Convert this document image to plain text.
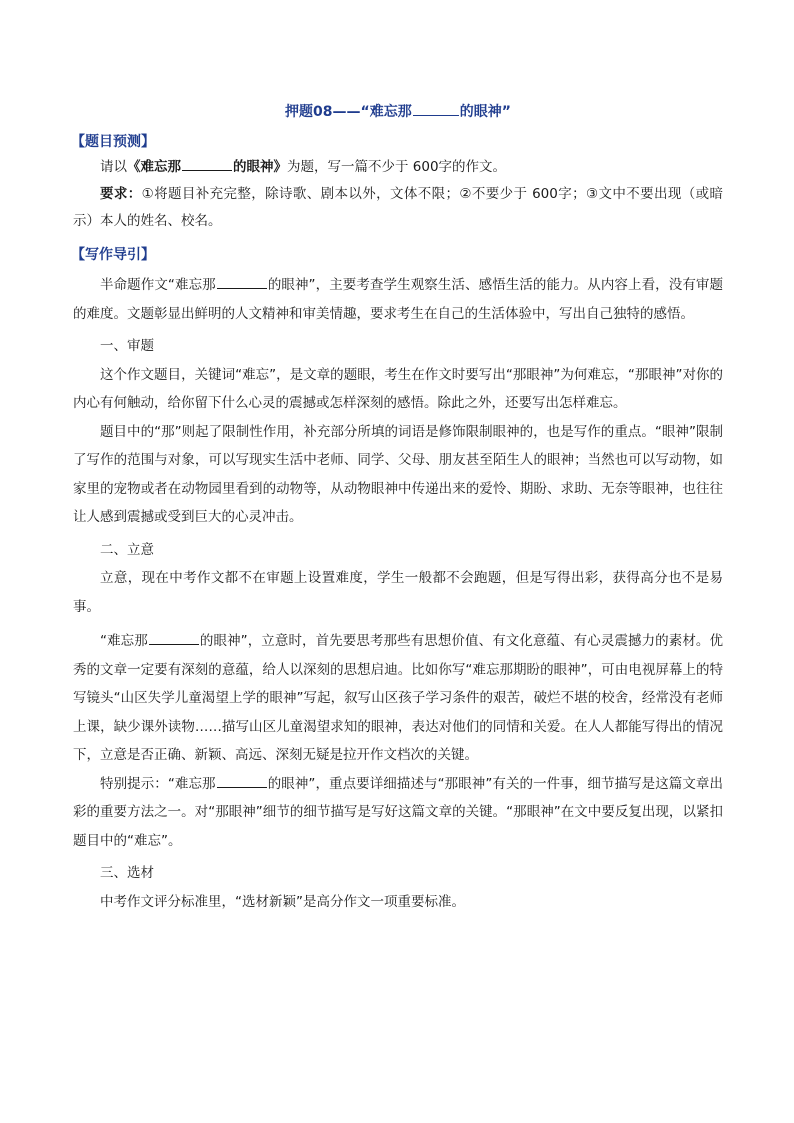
押题08——“难忘那	的眼神”
【题目预测】

请以《难忘那	的眼神》为题，写一篇不少于 600字的作文。

要求：①将题目补充完整，除诗歌、剧本以外，文体不限；②不要少于 600字；③文中不要出现（或暗示）本人的姓名、校名。

【写作导引】

半命题作文“难忘那	的眼神”，主要考查学生观察生活、感悟生活的能力。从内容上看，没有审题的难度。文题彰显出鲜明的人文精神和审美情趣，要求考生在自己的生活体验中，写出自己独特的感悟。

一、审题

这个作文题目，关键词“难忘”，是文章的题眼，考生在作文时要写出“那眼神”为何难忘，“那眼神”对你的内心有何触动，给你留下什么心灵的震撼或怎样深刻的感悟。除此之外，还要写出怎样难忘。

题目中的“那”则起了限制性作用，补充部分所填的词语是修饰限制眼神的，也是写作的重点。“眼神”限制了写作的范围与对象，可以写现实生活中老师、同学、父母、朋友甚至陌生人的眼神；当然也可以写动物，如家里的宠物或者在动物园里看到的动物等，从动物眼神中传递出来的爱怜、期盼、求助、无奈等眼神，也往往让人感到震撼或受到巨大的心灵冲击。

二、立意

立意，现在中考作文都不在审题上设置难度，学生一般都不会跑题，但是写得出彩，获得高分也不是易事。

“难忘那	的眼神”，立意时，首先要思考那些有思想价值、有文化意蕴、有心灵震撼力的素材。优秀的文章一定要有深刻的意蕴，给人以深刻的思想启迪。比如你写“难忘那期盼的眼神”，可由电视屏幕上的特写镜头“山区失学儿童渴望上学的眼神”写起，叙写山区孩子学习条件的艰苦，破烂不堪的校舍，经常没有老师上课，缺少课外读物……描写山区儿童渴望求知的眼神，表达对他们的同情和关爱。在人人都能写得出的情况下，立意是否正确、新颖、高远、深刻无疑是拉开作文档次的关键。

特别提示：“难忘那	的眼神”，重点要详细描述与“那眼神”有关的一件事，细节描写是这篇文章出彩的重要方法之一。对“那眼神”细节的细节描写是写好这篇文章的关键。“那眼神”在文中要反复出现，以紧扣题目中的“难忘”。

三、选材

中考作文评分标准里，“选材新颖”是高分作文一项重要标准。
